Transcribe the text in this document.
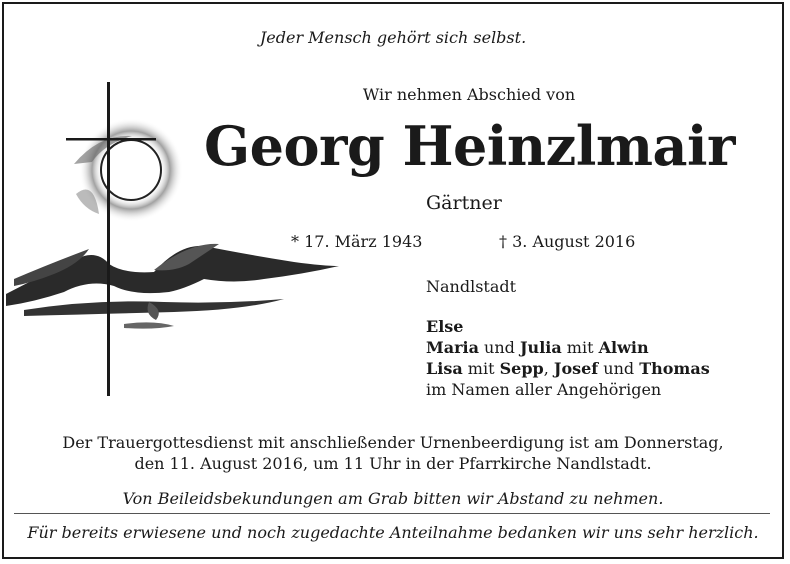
Jeder Mensch gehört sich selbst.
Wir nehmen Abschied von
Georg Heinzlmair
Gärtner
* 17. März 1943	† 3. August 2016
Nandlstadt
Else
Maria und Julia mit Alwin
Lisa mit Sepp, Josef und Thomas
im Namen aller Angehörigen
Der Trauergottesdienst mit anschließender Urnenbeerdigung ist am Donnerstag,
den 11. August 2016, um 11 Uhr in der Pfarrkirche Nandlstadt.
Von Beileidsbekundungen am Grab bitten wir Abstand zu nehmen.
Für bereits erwiesene und noch zugedachte Anteilnahme bedanken wir uns sehr herzlich.
